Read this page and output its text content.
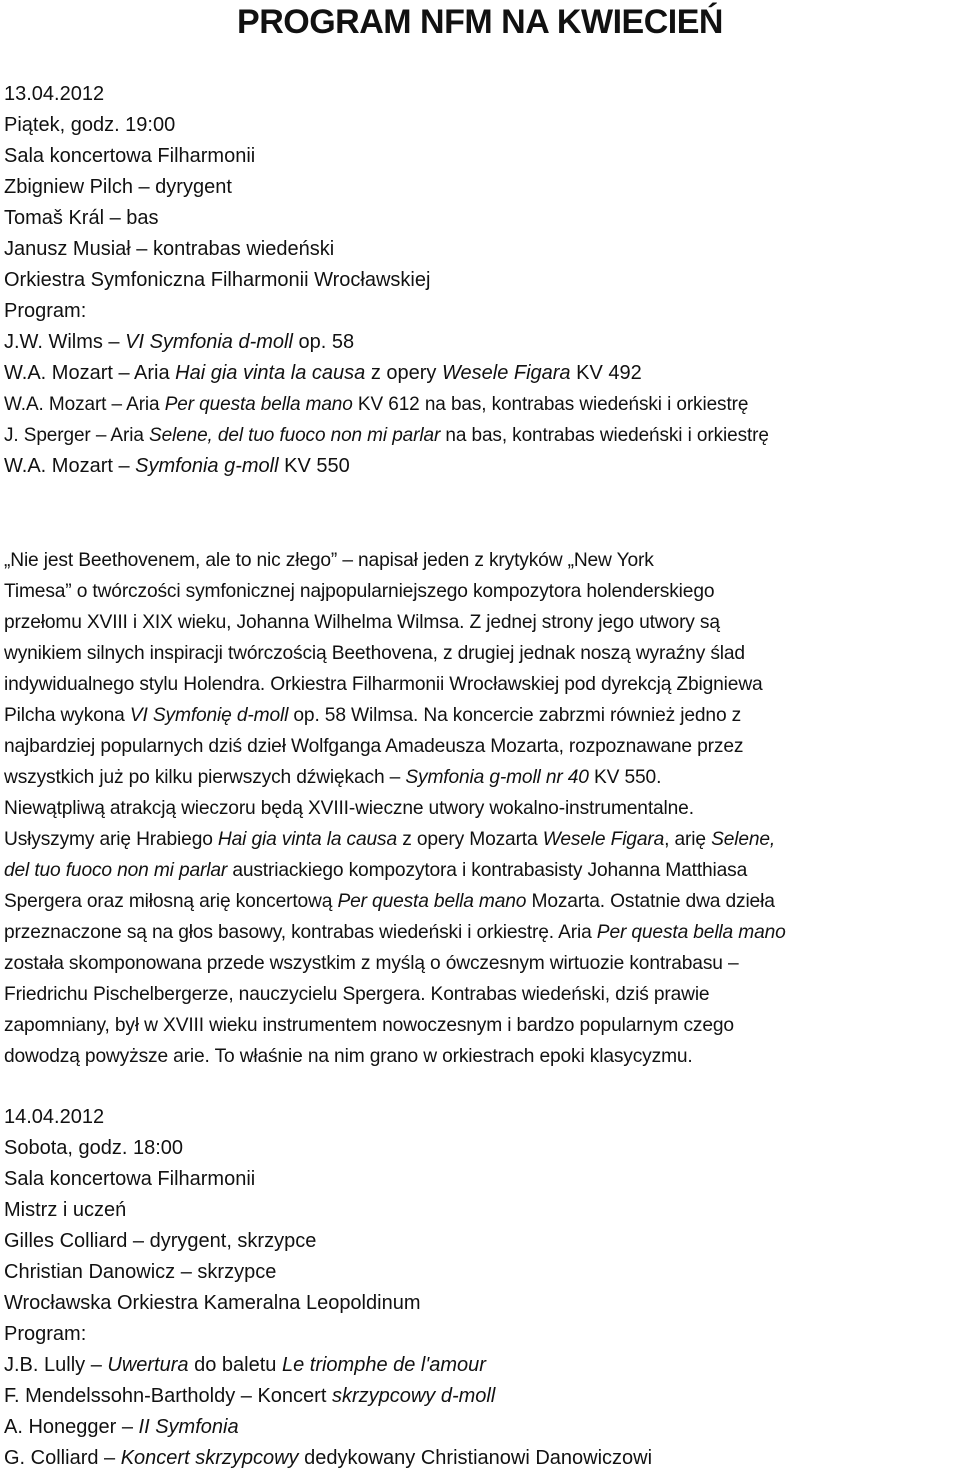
PROGRAM NFM NA KWIECIEŃ
13.04.2012
Piątek, godz. 19:00
Sala koncertowa Filharmonii
Zbigniew Pilch – dyrygent
Tomaš Král – bas
Janusz Musiał – kontrabas wiedeński
Orkiestra Symfoniczna Filharmonii Wrocławskiej
Program:
J.W. Wilms – VI Symfonia d-moll op. 58
W.A. Mozart – Aria Hai gia vinta la causa z opery Wesele Figara KV 492
W.A. Mozart – Aria Per questa bella mano KV 612 na bas, kontrabas wiedeński i orkiestrę
J. Sperger – Aria Selene, del tuo fuoco non mi parlar na bas, kontrabas wiedeński i orkiestrę
W.A. Mozart – Symfonia g-moll KV 550
„Nie jest Beethovenem, ale to nic złego” – napisał jeden z krytyków „New York
Timesa” o twórczości symfonicznej najpopularniejszego kompozytora holenderskiego
przełomu XVIII i XIX wieku, Johanna Wilhelma Wilmsa. Z jednej strony jego utwory są
wynikiem silnych inspiracji twórczością Beethovena, z drugiej jednak noszą wyraźny ślad
indywidualnego stylu Holendra. Orkiestra Filharmonii Wrocławskiej pod dyrekcją Zbigniewa
Pilcha wykona VI Symfonię d-moll op. 58 Wilmsa. Na koncercie zabrzmi również jedno z
najbardziej popularnych dziś dzieł Wolfganga Amadeusza Mozarta, rozpoznawane przez
wszystkich już po kilku pierwszych dźwiękach – Symfonia g-moll nr 40 KV 550.
Niewątpliwą atrakcją wieczoru będą XVIII-wieczne utwory wokalno-instrumentalne.
Usłyszymy arię Hrabiego Hai gia vinta la causa z opery Mozarta Wesele Figara, arię Selene,
del tuo fuoco non mi parlar austriackiego kompozytora i kontrabasisty Johanna Matthiasa
Spergera oraz miłosną arię koncertową Per questa bella mano Mozarta. Ostatnie dwa dzieła
przeznaczone są na głos basowy, kontrabas wiedeński i orkiestrę. Aria Per questa bella mano
została skomponowana przede wszystkim z myślą o ówczesnym wirtuozie kontrabasu –
Friedrichu Pischelbergerze, nauczycielu Spergera. Kontrabas wiedeński, dziś prawie
zapomniany, był w XVIII wieku instrumentem nowoczesnym i bardzo popularnym czego
dowodzą powyższe arie. To właśnie na nim grano w orkiestrach epoki klasycyzmu.
14.04.2012
Sobota, godz. 18:00
Sala koncertowa Filharmonii
Mistrz i uczeń
Gilles Colliard – dyrygent, skrzypce
Christian Danowicz – skrzypce
Wrocławska Orkiestra Kameralna Leopoldinum
Program:
J.B. Lully – Uwertura do baletu Le triomphe de l'amour
F. Mendelssohn-Bartholdy – Koncert skrzypcowy d-moll
A. Honegger – II Symfonia
G. Colliard – Koncert skrzypcowy dedykowany Christianowi Danowiczowi
